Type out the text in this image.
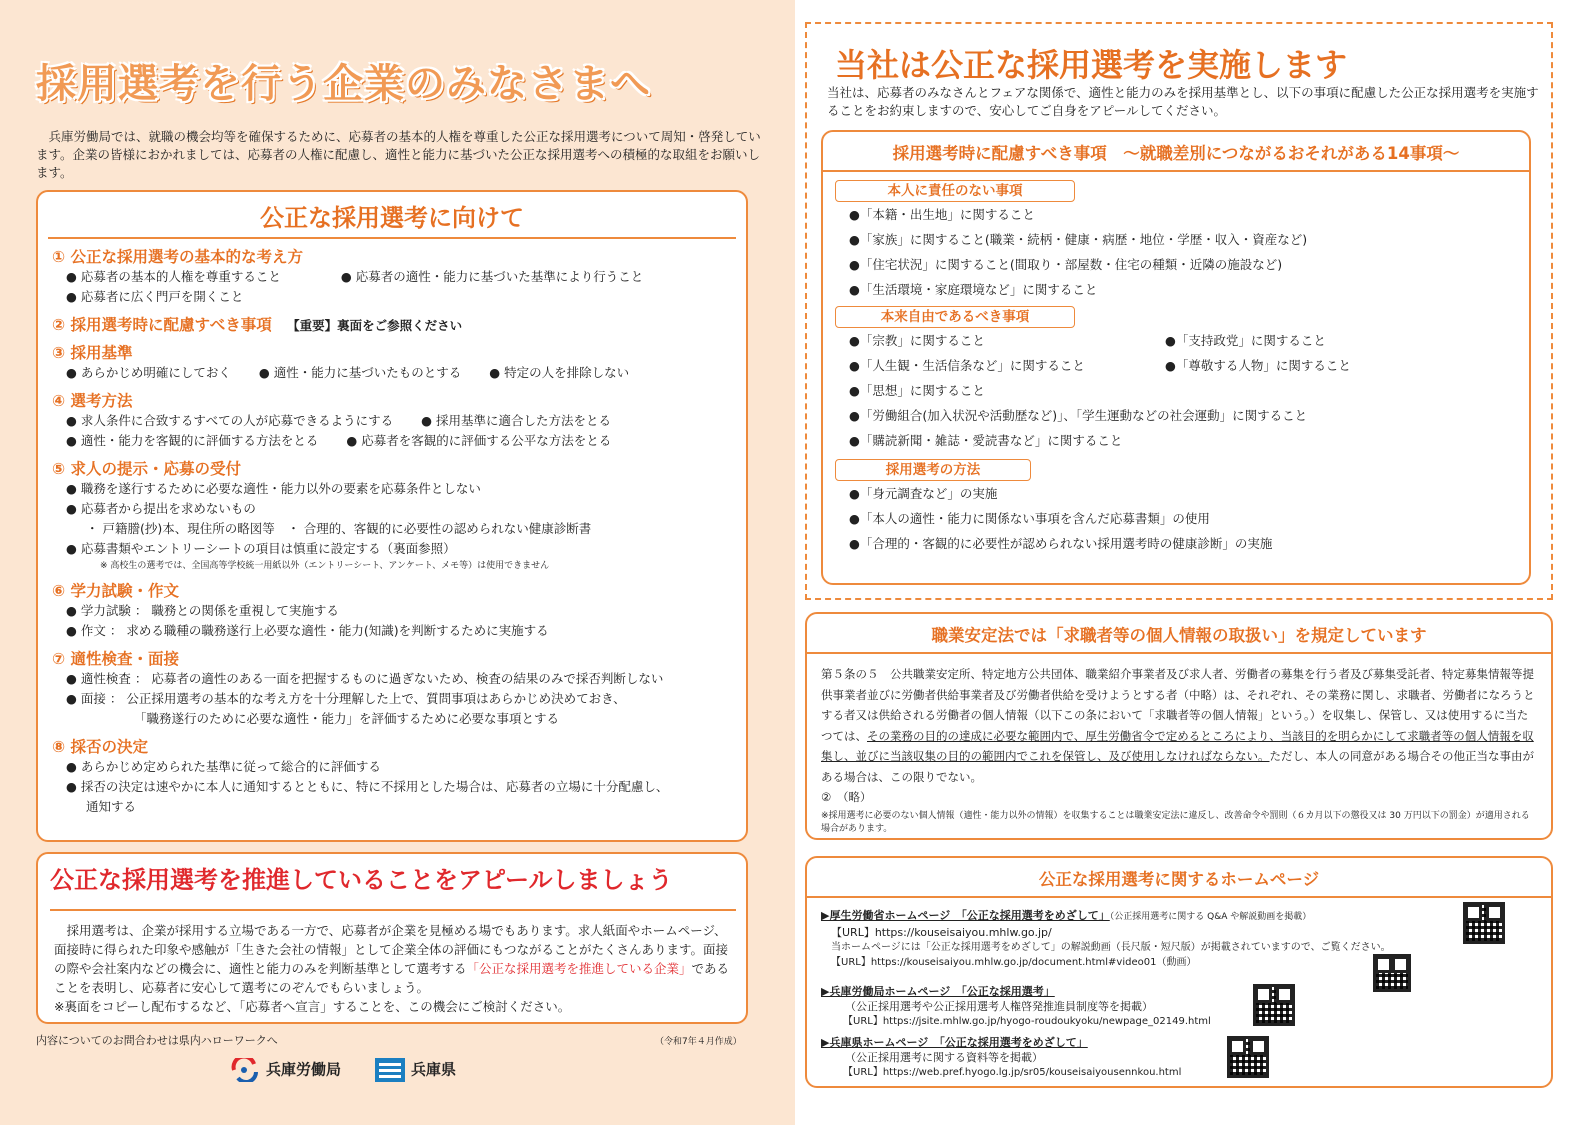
採用選考を行う企業のみなさまへ
　兵庫労働局では、就職の機会均等を確保するために、応募者の基本的人権を尊重した公正な採用選考について周知・啓発しています。企業の皆様におかれましては、応募者の人権に配慮し、適性と能力に基づいた公正な採用選考への積極的な取組をお願いします。
公正な採用選考に向けて
① 公正な採用選考の基本的な考え方
● 応募者の基本的人権を尊重すること	● 応募者の適性・能力に基づいた基準により行うこと
● 応募者に広く門戸を開くこと
② 採用選考時に配慮すべき事項 【重要】裏面をご参照ください
③ 採用基準
● あらかじめ明確にしておく ● 適性・能力に基づいたものとする ● 特定の人を排除しない
④ 選考方法
● 求人条件に合致するすべての人が応募できるようにする ● 採用基準に適合した方法をとる
● 適性・能力を客観的に評価する方法をとる ● 応募者を客観的に評価する公平な方法をとる
⑤ 求人の提示・応募の受付
● 職務を遂行するために必要な適性・能力以外の要素を応募条件としない
● 応募者から提出を求めないもの
・ 戸籍謄(抄)本、現住所の略図等　・ 合理的、客観的に必要性の認められない健康診断書
● 応募書類やエントリーシートの項目は慎重に設定する（裏面参照）
※ 高校生の選考では、全国高等学校統一用紙以外（エントリーシート、アンケート、メモ等）は使用できません
⑥ 学力試験・作文
● 学力試験 ： 職務との関係を重視して実施する
● 作文 ： 求める職種の職務遂行上必要な適性・能力(知識)を判断するために実施する
⑦ 適性検査・面接
● 適性検査 ： 応募者の適性のある一面を把握するものに過ぎないため、検査の結果のみで採否判断しない
● 面接 ： 公正採用選考の基本的な考え方を十分理解した上で、質問事項はあらかじめ決めておき、
「職務遂行のために必要な適性・能力」を評価するために必要な事項とする
⑧ 採否の決定
● あらかじめ定められた基準に従って総合的に評価する
● 採否の決定は速やかに本人に通知するとともに、特に不採用とした場合は、応募者の立場に十分配慮し、
通知する
公正な採用選考を推進していることをアピールしましょう
　採用選考は、企業が採用する立場である一方で、応募者が企業を見極める場でもあります。求人紙面やホームページ、面接時に得られた印象や感触が「生きた会社の情報」として企業全体の評価にもつながることがたくさんあります。面接の際や会社案内などの機会に、適性と能力のみを判断基準として選考する「公正な採用選考を推進している企業」であることを表明し、応募者に安心して選考にのぞんでもらいましょう。
※裏面をコピーし配布するなど、「応募者へ宣言」することを、この機会にご検討ください。
内容についてのお問合わせは県内ハローワークへ	（令和7年４月作成）
兵庫労働局	兵庫県
当社は公正な採用選考を実施します
当社は、応募者のみなさんとフェアな関係で、適性と能力のみを採用基準とし、以下の事項に配慮した公正な採用選考を実施することをお約束しますので、安心してご自身をアピールしてください。
採用選考時に配慮すべき事項　～就職差別につながるおそれがある14事項～
本人に責任のない事項
●「本籍・出生地」に関すること
●「家族」に関すること(職業・続柄・健康・病歴・地位・学歴・収入・資産など)
●「住宅状況」に関すること(間取り・部屋数・住宅の種類・近隣の施設など)
●「生活環境・家庭環境など」に関すること
本来自由であるべき事項
●「宗教」に関すること	●「支持政党」に関すること
●「人生観・生活信条など」に関すること	●「尊敬する人物」に関すること
●「思想」に関すること
●「労働組合(加入状況や活動歴など)」、「学生運動などの社会運動」に関すること
●「購読新聞・雑誌・愛読書など」に関すること
採用選考の方法
●「身元調査など」の実施
●「本人の適性・能力に関係ない事項を含んだ応募書類」の使用
●「合理的・客観的に必要性が認められない採用選考時の健康診断」の実施
職業安定法では「求職者等の個人情報の取扱い」を規定しています
第５条の５　公共職業安定所、特定地方公共団体、職業紹介事業者及び求人者、労働者の募集を行う者及び募集受託者、特定募集情報等提供事業者並びに労働者供給事業者及び労働者供給を受けようとする者（中略）は、それぞれ、その業務に関し、求職者、労働者になろうとする者又は供給される労働者の個人情報（以下この条において「求職者等の個人情報」という。）を収集し、保管し、又は使用するに当たつては、その業務の目的の達成に必要な範囲内で、厚生労働省令で定めるところにより、当該目的を明らかにして求職者等の個人情報を収集し、並びに当該収集の目的の範囲内でこれを保管し、及び使用しなければならない。ただし、本人の同意がある場合その他正当な事由がある場合は、この限りでない。
②　（略）
※採用選考に必要のない個人情報（適性・能力以外の情報）を収集することは職業安定法に違反し、改善命令や罰則（６カ月以下の懲役又は 30 万円以下の罰金）が適用される場合があります。
公正な採用選考に関するホームページ
▶厚生労働省ホームページ　「公正な採用選考をめざして」（公正採用選考に関する Q&A や解説動画を掲載）
【URL】https://kouseisaiyou.mhlw.go.jp/
当ホームページには「公正な採用選考をめざして」の解説動画（長尺版・短尺版）が掲載されていますので、ご覧ください。
【URL】https://kouseisaiyou.mhlw.go.jp/document.html#video01（動画）
▶兵庫労働局ホームページ　「公正な採用選考」
（公正採用選考や公正採用選考人権啓発推進員制度等を掲載）
【URL】https://jsite.mhlw.go.jp/hyogo-roudoukyoku/newpage_02149.html
▶兵庫県ホームページ　「公正な採用選考をめざして」
（公正採用選考に関する資料等を掲載）
【URL】https://web.pref.hyogo.lg.jp/sr05/kouseisaiyousennkou.html
